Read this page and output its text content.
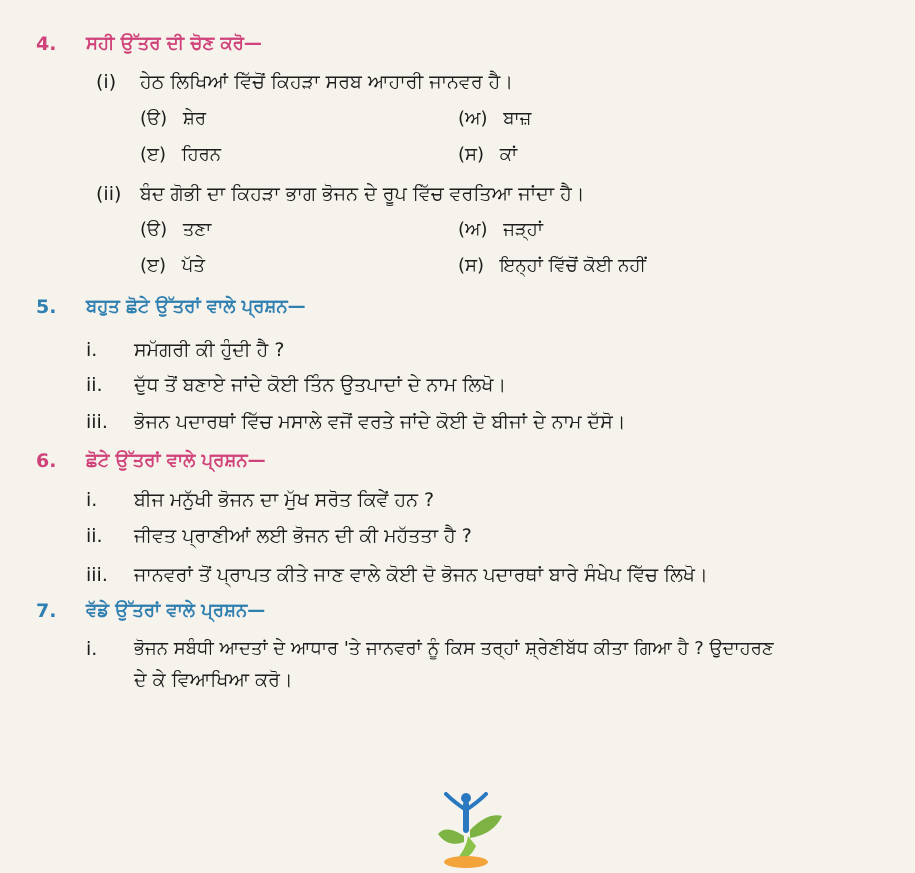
4. ਸਹੀ ਉੱਤਰ ਦੀ ਚੋਣ ਕਰੋ—
(i) ਹੇਠ ਲਿਖਿਆਂ ਵਿੱਚੋਂ ਕਿਹੜਾ ਸਰਬ ਆਹਾਰੀ ਜਾਨਵਰ ਹੈ।
(ੳ) ਸ਼ੇਰ	(ਅ) ਬਾਜ਼
(ੲ) ਹਿਰਨ	(ਸ) ਕਾਂ
(ii) ਬੰਦ ਗੋਭੀ ਦਾ ਕਿਹੜਾ ਭਾਗ ਭੋਜਨ ਦੇ ਰੂਪ ਵਿੱਚ ਵਰਤਿਆ ਜਾਂਦਾ ਹੈ।
(ੳ) ਤਣਾ	(ਅ) ਜੜ੍ਹਾਂ
(ੲ) ਪੱਤੇ	(ਸ) ਇਨ੍ਹਾਂ ਵਿੱਚੋਂ ਕੋਈ ਨਹੀਂ
5. ਬਹੁਤ ਛੋਟੇ ਉੱਤਰਾਂ ਵਾਲੇ ਪ੍ਰਸ਼ਨ—
i. ਸਮੱਗਰੀ ਕੀ ਹੁੰਦੀ ਹੈ ?
ii. ਦੁੱਧ ਤੋਂ ਬਣਾਏ ਜਾਂਦੇ ਕੋਈ ਤਿੰਨ ਉਤਪਾਦਾਂ ਦੇ ਨਾਮ ਲਿਖੋ।
iii. ਭੋਜਨ ਪਦਾਰਥਾਂ ਵਿੱਚ ਮਸਾਲੇ ਵਜੋਂ ਵਰਤੇ ਜਾਂਦੇ ਕੋਈ ਦੋ ਬੀਜਾਂ ਦੇ ਨਾਮ ਦੱਸੋ।
6. ਛੋਟੇ ਉੱਤਰਾਂ ਵਾਲੇ ਪ੍ਰਸ਼ਨ—
i. ਬੀਜ ਮਨੁੱਖੀ ਭੋਜਨ ਦਾ ਮੁੱਖ ਸਰੋਤ ਕਿਵੇਂ ਹਨ ?
ii. ਜੀਵਤ ਪ੍ਰਾਣੀਆਂ ਲਈ ਭੋਜਨ ਦੀ ਕੀ ਮਹੱਤਤਾ ਹੈ ?
iii. ਜਾਨਵਰਾਂ ਤੋਂ ਪ੍ਰਾਪਤ ਕੀਤੇ ਜਾਣ ਵਾਲੇ ਕੋਈ ਦੋ ਭੋਜਨ ਪਦਾਰਥਾਂ ਬਾਰੇ ਸੰਖੇਪ ਵਿੱਚ ਲਿਖੋ।
7. ਵੱਡੇ ਉੱਤਰਾਂ ਵਾਲੇ ਪ੍ਰਸ਼ਨ—
i. ਭੋਜਨ ਸਬੰਧੀ ਆਦਤਾਂ ਦੇ ਆਧਾਰ 'ਤੇ ਜਾਨਵਰਾਂ ਨੂੰ ਕਿਸ ਤਰ੍ਹਾਂ ਸ਼੍ਰੇਣੀਬੱਧ ਕੀਤਾ ਗਿਆ ਹੈ ? ਉਦਾਹਰਣ
ਦੇ ਕੇ ਵਿਆਖਿਆ ਕਰੋ।
